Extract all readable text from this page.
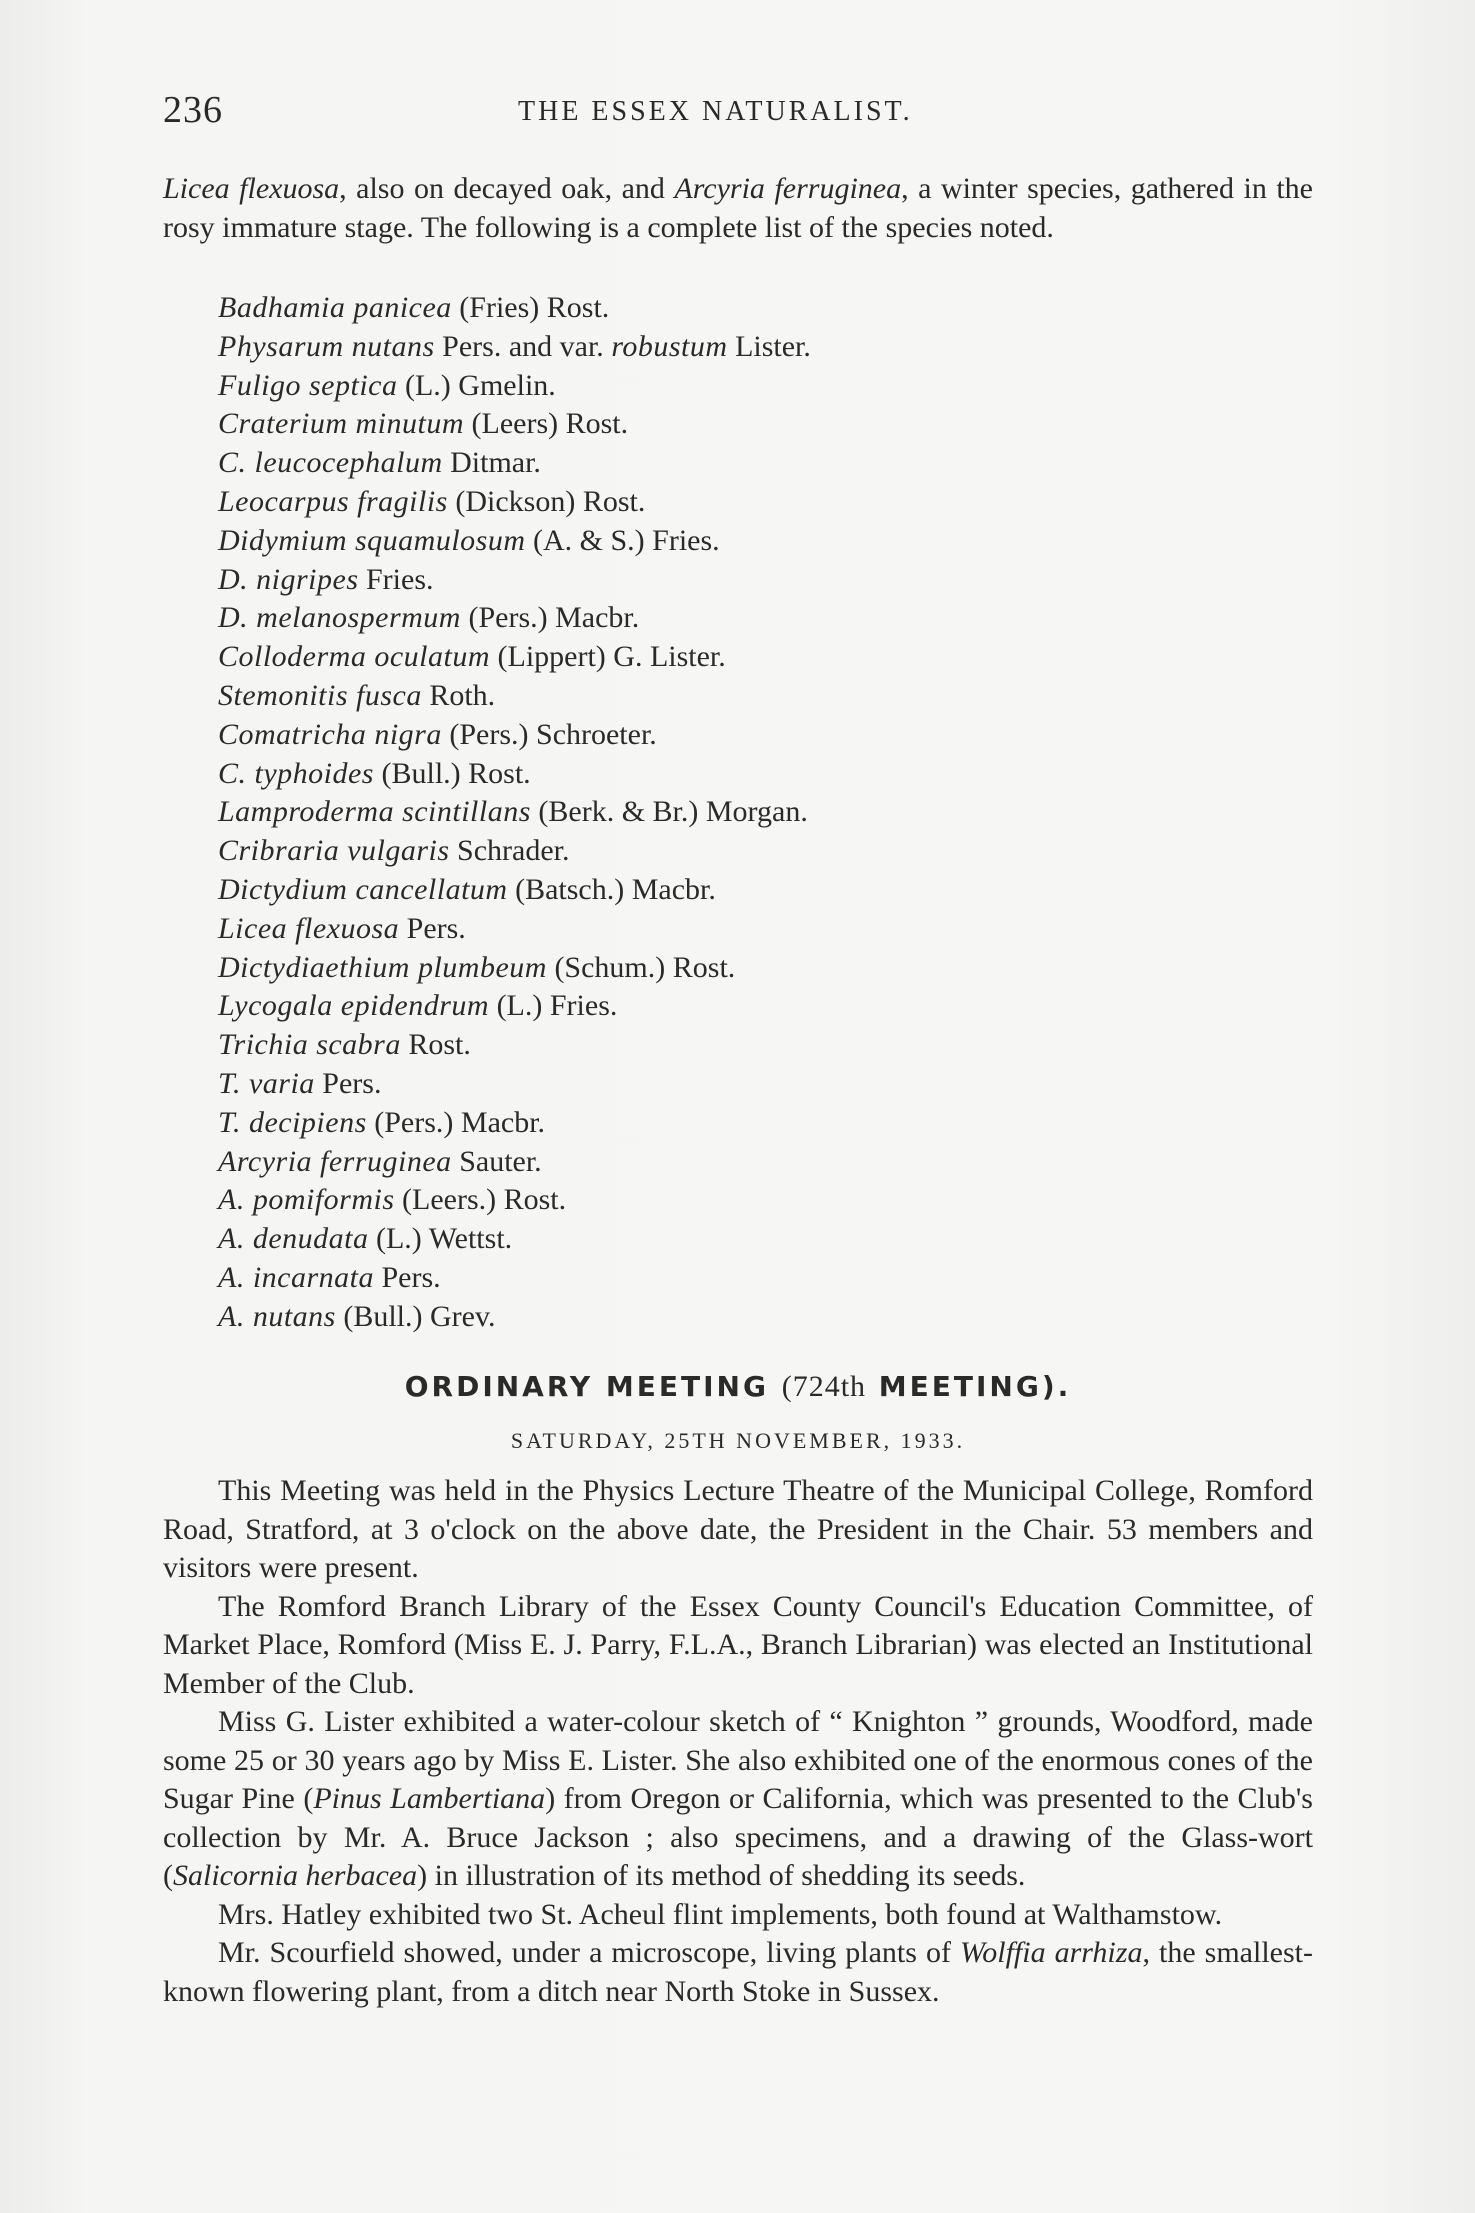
236	THE ESSEX NATURALIST.

Licea flexuosa, also on decayed oak, and Arcyria ferruginea, a winter species, gathered in the rosy immature stage. The following is a complete list of the species noted.

Badhamia panicea (Fries) Rost.
Physarum nutans Pers. and var. robustum Lister.
Fuligo septica (L.) Gmelin.
Craterium minutum (Leers) Rost.
C. leucocephalum Ditmar.
Leocarpus fragilis (Dickson) Rost.
Didymium squamulosum (A. & S.) Fries.
D. nigripes Fries.
D. melanospermum (Pers.) Macbr.
Colloderma oculatum (Lippert) G. Lister.
Stemonitis fusca Roth.
Comatricha nigra (Pers.) Schroeter.
C. typhoides (Bull.) Rost.
Lamproderma scintillans (Berk. & Br.) Morgan.
Cribraria vulgaris Schrader.
Dictydium cancellatum (Batsch.) Macbr.
Licea flexuosa Pers.
Dictydiaethium plumbeum (Schum.) Rost.
Lycogala epidendrum (L.) Fries.
Trichia scabra Rost.
T. varia Pers.
T. decipiens (Pers.) Macbr.
Arcyria ferruginea Sauter.
A. pomiformis (Leers.) Rost.
A. denudata (L.) Wettst.
A. incarnata Pers.
A. nutans (Bull.) Grev.
ORDINARY MEETING (724th MEETING).
SATURDAY, 25TH NOVEMBER, 1933.

This Meeting was held in the Physics Lecture Theatre of the Municipal College, Romford Road, Stratford, at 3 o'clock on the above date, the President in the Chair. 53 members and visitors were present.

The Romford Branch Library of the Essex County Council's Education Committee, of Market Place, Romford (Miss E. J. Parry, F.L.A., Branch Librarian) was elected an Institutional Member of the Club.

Miss G. Lister exhibited a water-colour sketch of “ Knighton ” grounds, Woodford, made some 25 or 30 years ago by Miss E. Lister. She also exhibited one of the enormous cones of the Sugar Pine (Pinus Lambertiana) from Oregon or California, which was presented to the Club's collection by Mr. A. Bruce Jackson ; also specimens, and a drawing of the Glass-wort (Salicornia herbacea) in illustration of its method of shedding its seeds.

Mrs. Hatley exhibited two St. Acheul flint implements, both found at Walthamstow.

Mr. Scourfield showed, under a microscope, living plants of Wolffia arrhiza, the smallest-known flowering plant, from a ditch near North Stoke in Sussex.
